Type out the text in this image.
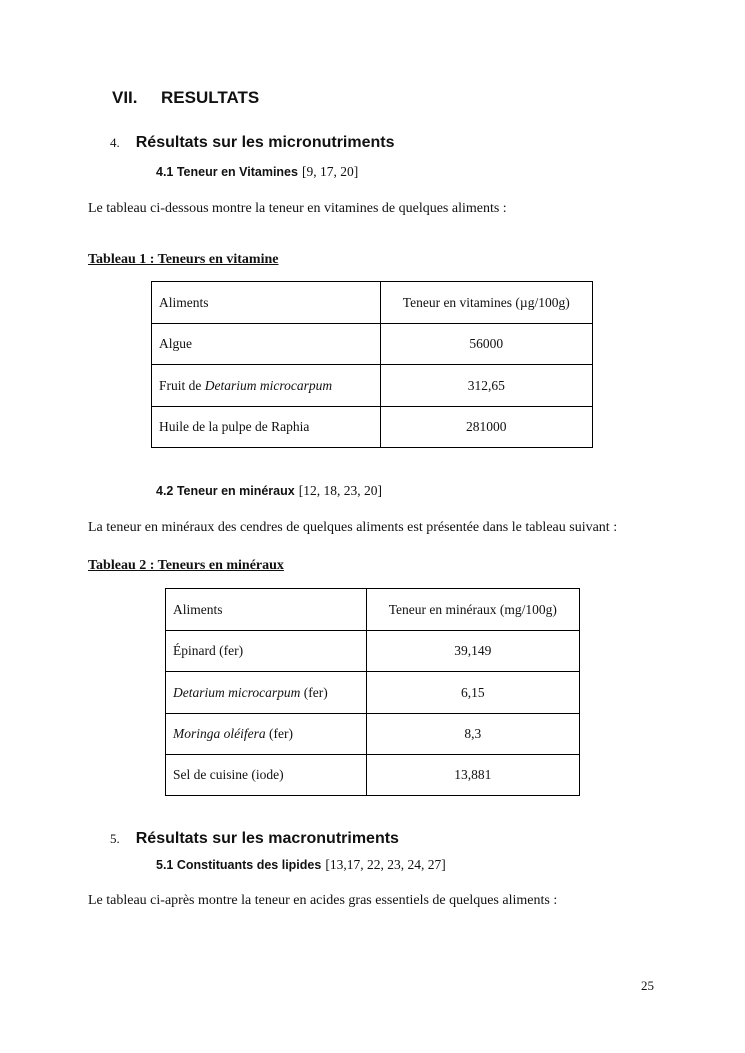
VII. RESULTATS
4. Résultats sur les micronutriments
4.1 Teneur en Vitamines [9, 17, 20]
Le tableau ci-dessous montre la teneur en vitamines de quelques aliments :
Tableau 1 : Teneurs en vitamine
Aliments	Teneur en vitamines (µg/100g)
Algue	56000
Fruit de Detarium microcarpum	312,65
Huile de la pulpe de Raphia	281000
4.2 Teneur en minéraux [12, 18, 23, 20]
La teneur en minéraux des cendres de quelques aliments est présentée dans le tableau suivant :
Tableau 2 : Teneurs en minéraux
Aliments	Teneur en minéraux (mg/100g)
Épinard (fer)	39,149
Detarium microcarpum (fer)	6,15
Moringa oléifera (fer)	8,3
Sel de cuisine (iode)	13,881
5. Résultats sur les macronutriments
5.1 Constituants des lipides [13,17, 22, 23, 24, 27]
Le tableau ci-après montre la teneur en acides gras essentiels de quelques aliments :
25
